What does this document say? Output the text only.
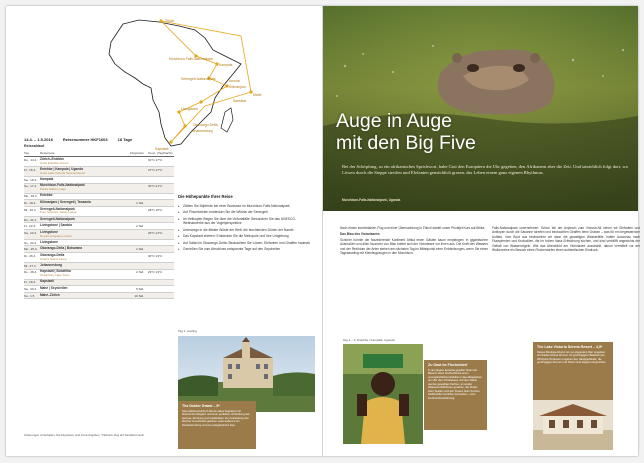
Zürich
Murchison-Falls-Nationalpark
Kampala
Serengeti-Nationalpark	Arusha
Kilimanjaro
Sansibar
Livingstone
Okavango-Delta
Johannesburg
Kapstadt
Mahé
14.4. – 1.5.2016	Reisenummer HKF1603	18 Tage
Reiseablauf
Tag	Reiseroute	Flugzeiten	Temp. (Tag/Nacht)
Do., 14.4. Zürich–Entebbe
Hotel Entebbe Airport
31°C 17°C
Fr., 15.4.	Entebbe | Kampala | Uganda
Hotel Lake Victoria Serena Resort
27°C 17°C
Sa., 16.4. Kampala
So., 17.4. Murchison-Falls-Nationalpark
Paraa Safari Lodge
32°C 21°C
Mo., 18.4. Entebbe
Di., 19.4.	Kilimanjaro | Serengeti | Tansania	1 Std.
Mi., 20.4.	Serengeti-Nationalpark
Four Seasons Safari Lodge
28°C 15°C
Do., 21.4. Serengeti-Nationalpark
Fr., 22.4.	Livingstone | Sambia	2 Std.
Sa., 23.4. Livingstone
Royal Livingstone Hotel
26°C 14°C
So., 24.4. Livingstone
Mo., 25.4. Okavango-Delta | Botswana	1 Std.
Di., 26.4.	Okavango-Delta
Chief's Island Camp
30°C 13°C
Mi., 27.4.	Johannesburg
Do., 28.4. Kapstadt | Südafrika
One&Only Cape Town
2 Std.	23°C 13°C
Fr., 29.4.	Kapstadt
Sa., 30.4. Mahé | Seychellen	5 Std.
So., 1.5.	Mahé–Zürich	10 Std.
Änderungen vorbehalten. Die Flugzeiten sind Circa-Angaben. *Inklusive Flug auf Sansibar-Inseln
Die Höhepunkte Ihrer Reise
▸ Zählen Sie Nilpferde bei einer Bootstour im Murchison-Falls-Nationalpark
▸ Auf Pirschfahrten entdecken Sie die Wildnis der Serengeti
▸ Im Helikopter fliegen Sie über die Victoriafälle: Bewundern Sie das UNESCO-Weltnaturerbe aus der Vogelperspektive
▸ Unterwegs in die älteste Wüste der Welt: die leuchtenden Dünen der Namib
▸ Das Kapstadt erleben: Entdecken Sie die Metropole und ihre Umgebung
▸ Auf Safari im Okavango-Delta: Beobachten Sie Löwen, Elefanten und Giraffen hautnah
▸ Genießen Sie zum Abschluss entspannte Tage auf den Seychellen
Tag 1: Ausflug
The Dolder Grand – 5*
Das traditionsreiche 5-Sterne-Haus begeistert mit historischer Eleganz und einer perfekten Verbindung aus Genuss, Erholung und Gastlichkeit. Zur Ausstattung des Zürcher Luxushotels gehören unter anderem ein Kunstsammlung und ein preisgekröntes Spa.
Auge in Auge
mit den Big Five
Bei der Schöpfung, so ein afrikanisches Sprichwort, habe Gott den Europäern die Uhr gegeben, den Afrikanern aber die Zeit. Und tatsächlich folgt dort, wo Löwen durch die Steppe streifen und Elefanten gemächlich grasen, das Leben einem ganz eigenen Rhythmus.
Murchison-Falls-Nationalpark, Uganda
Nach einem komfortablen Flug und einer Übernachtung in Zürich startet unser Privatjet Kurs auf Afrika.
Das Blau des Victoriasees
Schöner könnte der faszinierende Kontinent Afrika einen Gästen kaum empfangen: in gigantischen Ausmaßen und allen Nuancen von Blau breitet sich der Victoriasee vor ihnen aus. Die Kraft des Wassers und der Reichtum der Arten stehen am nächsten Tag im Mittelpunkt einer Entdeckungen, wenn Sie einen Tagesausflug mit Kleinflugzeugen in den Murchison-
Falls-Nationalpark unternehmen. Schon bei der Anpirsch zum Victoria-Nil sehen wir Elefanten und Antilopen durch die Savanne streifen und beobachten Giraffen beim Grasen – was für ein begeisternder Auftakt. Vom Boot aus beobachten wir dann die gewaltigen Wasserfälle, halten Ausschau nach Flusspferden und Krokodilen, die im hohen Nass Erfrischung suchen, und sind verblüfft angesichts der Vielfalt von Wasservögeln. Wie das Abendlicht am Victoriasee ausstrahlt, darum vermittelt vor der Wolkenreise ein Besuch eines Fischerdorfes einen authentischen Eindruck.
Tag 2 – 3: Entebbe | Kampala, Uganda
Zu Gast im Fischerdorf
In der Region Entebbe gewährt Ihnen der Besuch eines Fischerdorfes einen unvergleichlichen Einblick in das Alltagsleben am Ufer des Victoriasees. Auf dem Markt werden gewaltige Fischen, an weiten Wasserverhältnissen gesehen, die Kinder beim Spielen und den Frauen beim Kochen traditioneller Gerichte zuzusehen – eine berührende Erfahrung.
The Lake Victoria Serena Resort – 4,5*
Dieses Boutique-Resort ist von elegantem Flair umgeben und bietet schöne Zimmer mit großzügigem Badezimmer, Whirlpool-Terrassen umgeben den Hauptgebäude, die großzügigen Zimmer und Suiten sind elegant eingerichtet.
